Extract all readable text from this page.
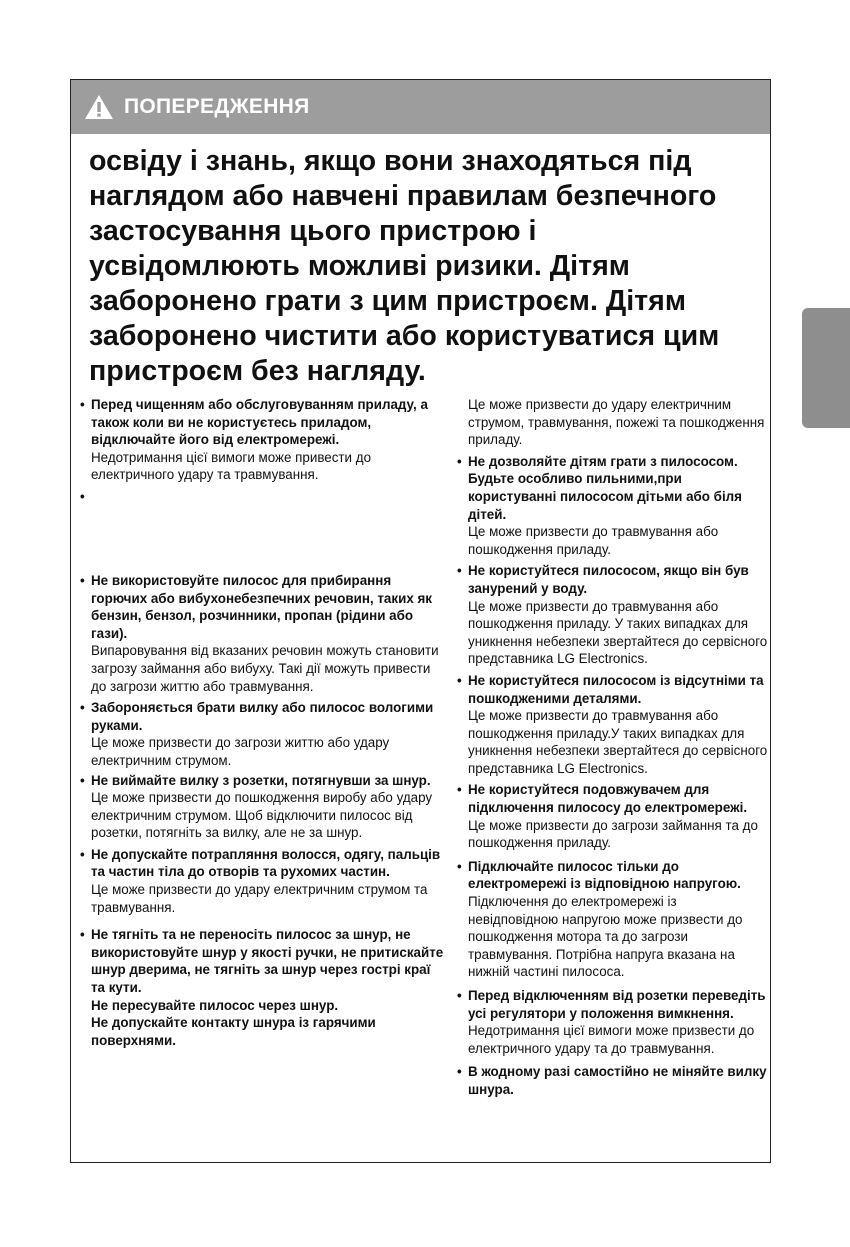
ПОПЕРЕДЖЕННЯ
освіду і знань, якщо вони знаходяться під
наглядом або навчені правилам безпечного
застосування цього пристрою і
усвідомлюють можливі ризики. Дітям
заборонено грати з цим пристроєм. Дітям
заборонено чистити або користуватися цим
пристроєм без нагляду.
• Перед чищенням або обслуговуванням приладу, а також коли ви не користуєтесь приладом, відключайте його від електромережі.
Недотримання цієї вимоги може привести до електричного удару та травмування.
•
• Не використовуйте пилосос для прибирання горючих або вибухонебезпечних речовин, таких як бензин, бензол, розчинники, пропан (рідини або гази).
Випаровування від вказаних речовин можуть становити загрозу займання або вибуху. Такі дії можуть привести до загрози життю або травмування.
• Забороняється брати вилку або пилосос вологими руками.
Це може призвести до загрози життю або удару електричним струмом.
• Не виймайте вилку з розетки, потягнувши за шнур.
Це може призвести до пошкодження виробу або удару електричним струмом. Щоб відключити пилосос від розетки, потягніть за вилку, але не за шнур.
• Не допускайте потрапляння волосся, одягу, пальців та частин тіла до отворів та рухомих частин.
Це може призвести до удару електричним струмом та травмування.
• Не тягніть та не переносіть пилосос за шнур, не використовуйте шнур у якості ручки, не притискайте шнур дверима, не тягніть за шнур через гострі краї та кути.
Не пересувайте пилосос через шнур.
Не допускайте контакту шнура із гарячими поверхнями.
Це може призвести до удару електричним струмом, травмування, пожежі та пошкодження приладу.
• Не дозволяйте дітям грати з пилососом. Будьте особливо пильними,при користуванні пилососом дітьми або біля дітей.
Це може призвести до травмування або пошкодження приладу.
• Не користуйтеся пилососом, якщо він був занурений у воду.
Це може призвести до травмування або пошкодження приладу. У таких випадках для уникнення небезпеки звертайтеся до сервісного представника LG Electronics.
• Не користуйтеся пилососом із відсутніми та пошкодженими деталями.
Це може призвести до травмування або пошкодження приладу.У таких випадках для уникнення небезпеки звертайтеся до сервісного представника LG Electronics.
• Не користуйтеся подовжувачем для підключення пилососу до електромережі.
Це може призвести до загрози займання та до пошкодження приладу.
• Підключайте пилосос тільки до електромережі із відповідною напругою.
Підключення до електромережі із невідповідною напругою може призвести до пошкодження мотора та до загрози травмування. Потрібна напруга вказана на нижній частині пилососа.
• Перед відключенням від розетки переведіть усі регулятори у положення вимкнення.
Недотримання цієї вимоги може призвести до електричного удару та до травмування.
• В жодному разі самостійно не міняйте вилку шнура.
